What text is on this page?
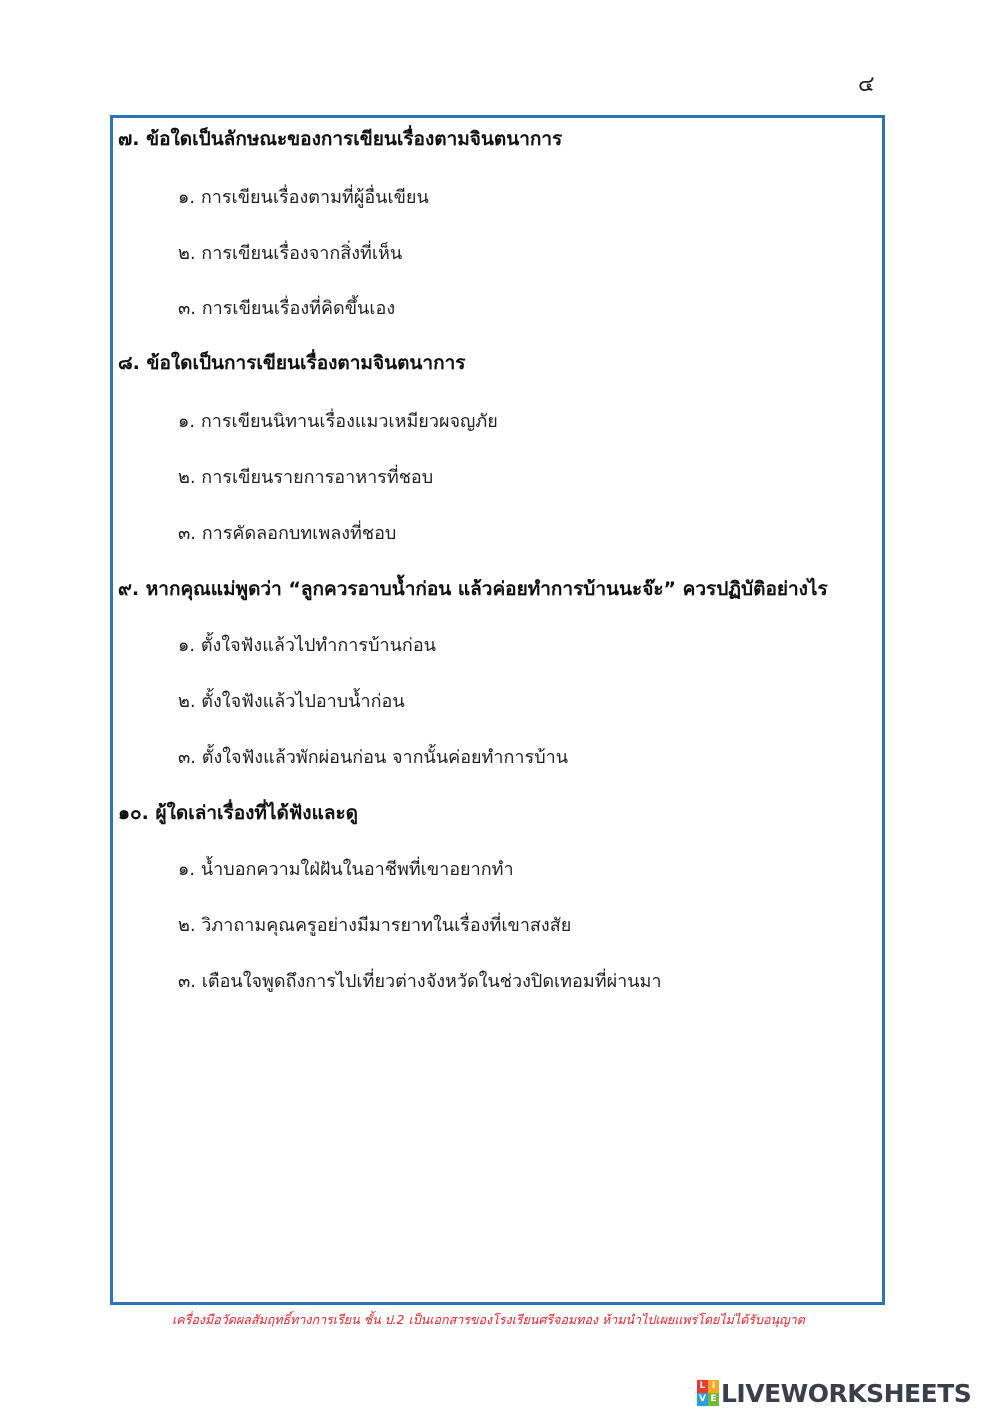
๔
๗. ข้อใดเป็นลักษณะของการเขียนเรื่องตามจินตนาการ
๑. การเขียนเรื่องตามที่ผู้อื่นเขียน
๒. การเขียนเรื่องจากสิ่งที่เห็น
๓. การเขียนเรื่องที่คิดขึ้นเอง
๘. ข้อใดเป็นการเขียนเรื่องตามจินตนาการ
๑. การเขียนนิทานเรื่องแมวเหมียวผจญภัย
๒. การเขียนรายการอาหารที่ชอบ
๓. การคัดลอกบทเพลงที่ชอบ
๙. หากคุณแม่พูดว่า “ลูกควรอาบน้ำก่อน แล้วค่อยทำการบ้านนะจ๊ะ” ควรปฏิบัติอย่างไร
๑. ตั้งใจฟังแล้วไปทำการบ้านก่อน
๒. ตั้งใจฟังแล้วไปอาบน้ำก่อน
๓. ตั้งใจฟังแล้วพักผ่อนก่อน จากนั้นค่อยทำการบ้าน
๑๐. ผู้ใดเล่าเรื่องที่ได้ฟังและดู
๑. น้ำบอกความใฝ่ฝันในอาชีพที่เขาอยากทำ
๒. วิภาถามคุณครูอย่างมีมารยาทในเรื่องที่เขาสงสัย
๓. เตือนใจพูดถึงการไปเที่ยวต่างจังหวัดในช่วงปิดเทอมที่ผ่านมา
เครื่องมือวัดผลสัมฤทธิ์ทางการเรียน ชั้น ป.2 เป็นเอกสารของโรงเรียนศรีจอมทอง ห้ามนำไปเผยแพร่โดยไม่ได้รับอนุญาต
L I
V E LIVEWORKSHEETS
